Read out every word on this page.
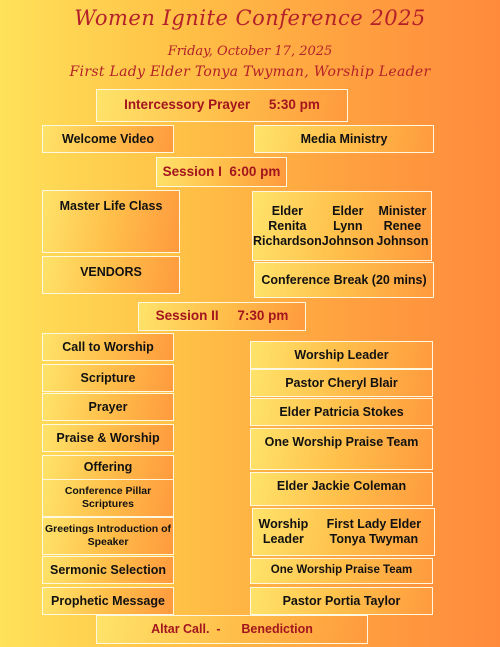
Women Ignite Conference 2025
Friday, October 17, 2025
First Lady Elder Tonya Twyman, Worship Leader
Intercessory Prayer     5:30 pm
Welcome Video	Media Ministry
Session I  6:00 pm
Master Life Class	Elder Renita Richardson
Elder Lynn Johnson
Minister Renee Johnson
VENDORS
Conference Break (20 mins)
Session II     7:30 pm
Call to Worship
Scripture
Prayer
Praise & Worship
Offering
Conference Pillar Scriptures
Greetings Introduction of Speaker
Sermonic Selection
Prophetic Message
Worship Leader
Pastor Cheryl Blair
Elder Patricia Stokes
One Worship Praise Team
Elder Jackie Coleman
Worship Leader
First Lady Elder Tonya Twyman
One Worship Praise Team
Pastor Portia Taylor
Altar Call.  -      Benediction
